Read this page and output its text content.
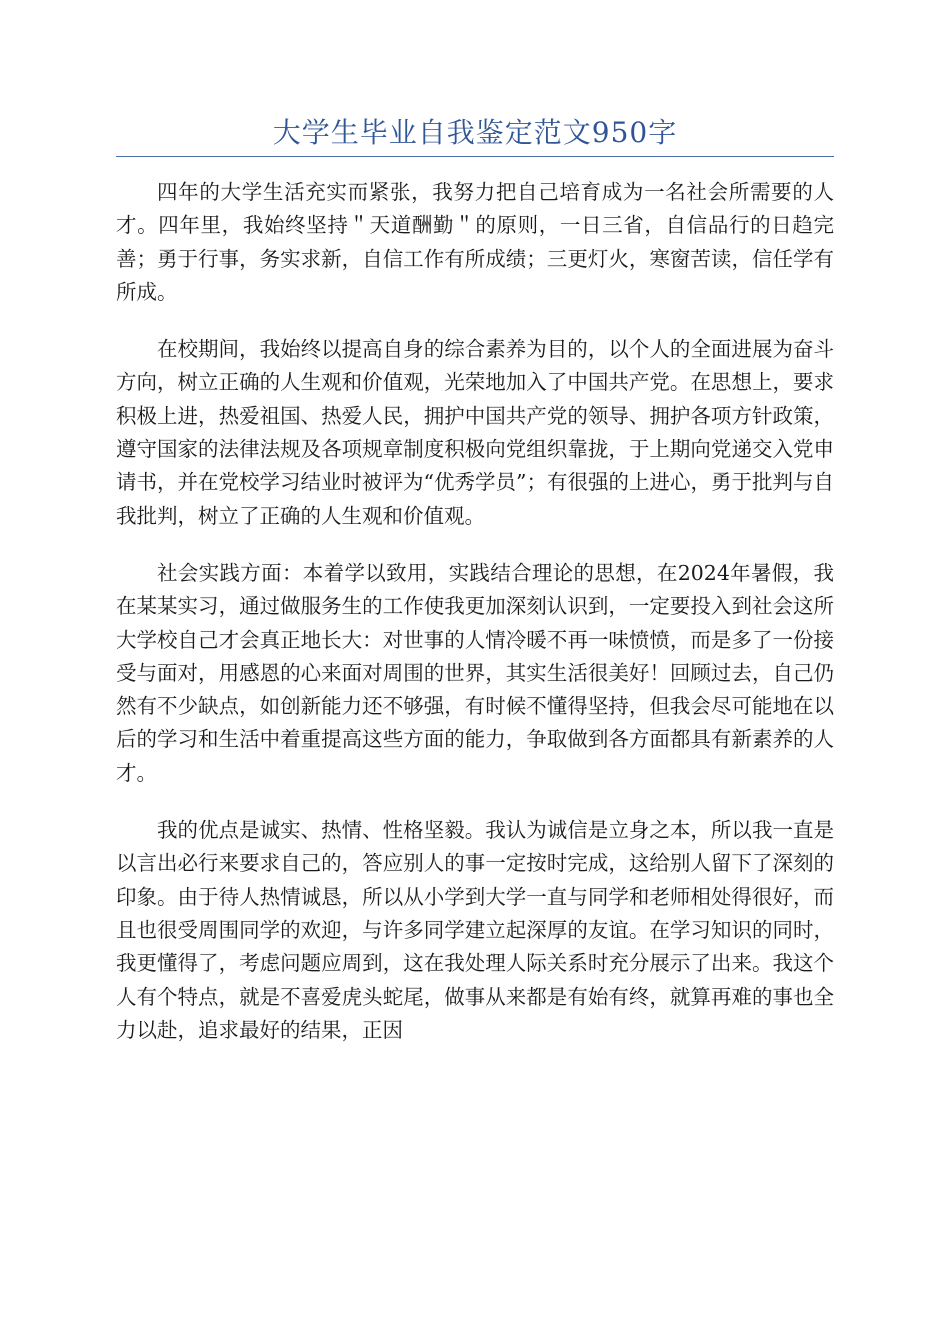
大学生毕业自我鉴定范文950字

四年的大学生活充实而紧张，我努力把自己培育成为一名社会所需要的人才。四年里，我始终坚持＂天道酬勤＂的原则，一日三省，自信品行的日趋完善；勇于行事，务实求新，自信工作有所成绩；三更灯火，寒窗苦读，信任学有所成。

在校期间，我始终以提高自身的综合素养为目的，以个人的全面进展为奋斗方向，树立正确的人生观和价值观，光荣地加入了中国共产党。在思想上，要求积极上进，热爱祖国、热爱人民，拥护中国共产党的领导、拥护各项方针政策，遵守国家的法律法规及各项规章制度积极向党组织靠拢，于上期向党递交入党申请书，并在党校学习结业时被评为“优秀学员”；有很强的上进心，勇于批判与自我批判，树立了正确的人生观和价值观。

社会实践方面：本着学以致用，实践结合理论的思想，在2024年暑假，我在某某实习，通过做服务生的工作使我更加深刻认识到，一定要投入到社会这所大学校自己才会真正地长大：对世事的人情冷暖不再一味愤愤，而是多了一份接受与面对，用感恩的心来面对周围的世界，其实生活很美好！回顾过去，自己仍然有不少缺点，如创新能力还不够强，有时候不懂得坚持，但我会尽可能地在以后的学习和生活中着重提高这些方面的能力，争取做到各方面都具有新素养的人才。

我的优点是诚实、热情、性格坚毅。我认为诚信是立身之本，所以我一直是以言出必行来要求自己的，答应别人的事一定按时完成，这给别人留下了深刻的印象。由于待人热情诚恳，所以从小学到大学一直与同学和老师相处得很好，而且也很受周围同学的欢迎，与许多同学建立起深厚的友谊。在学习知识的同时，我更懂得了，考虑问题应周到，这在我处理人际关系时充分展示了出来。我这个人有个特点，就是不喜爱虎头蛇尾，做事从来都是有始有终，就算再难的事也全力以赴，追求最好的结果，正因
